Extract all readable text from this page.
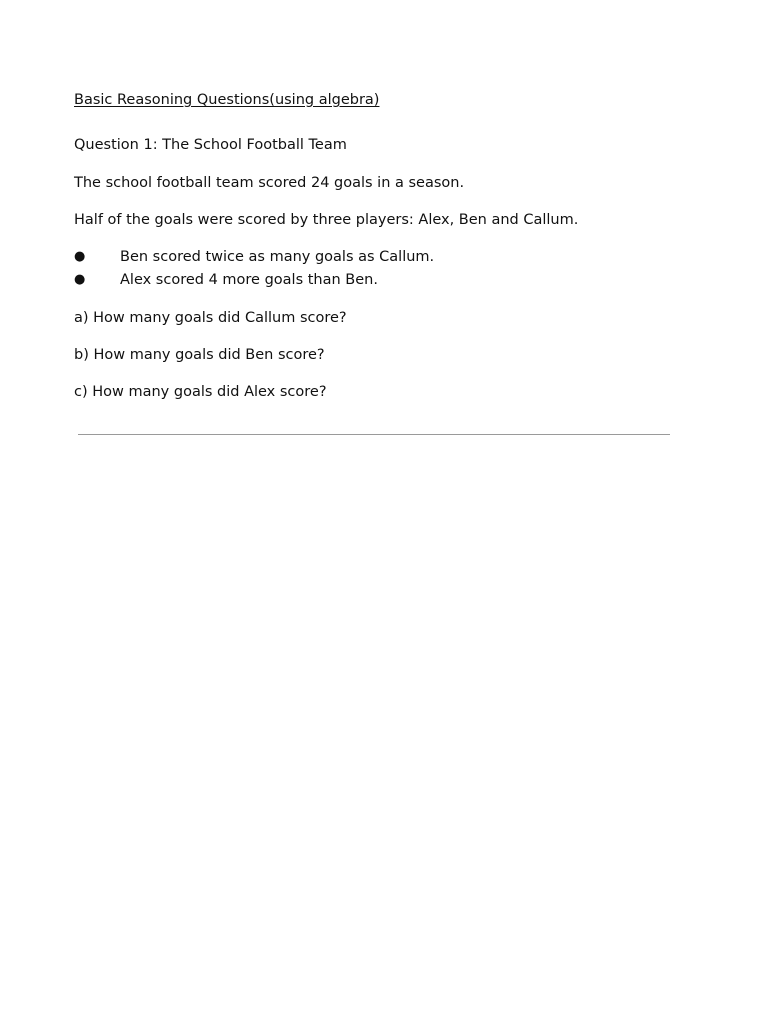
Basic Reasoning Questions(using algebra)
Question 1: The School Football Team
The school football team scored 24 goals in a season.
Half of the goals were scored by three players: Alex, Ben and Callum.
● Ben scored twice as many goals as Callum.
● Alex scored 4 more goals than Ben.
a) How many goals did Callum score?
b) How many goals did Ben score?
c) How many goals did Alex score?
